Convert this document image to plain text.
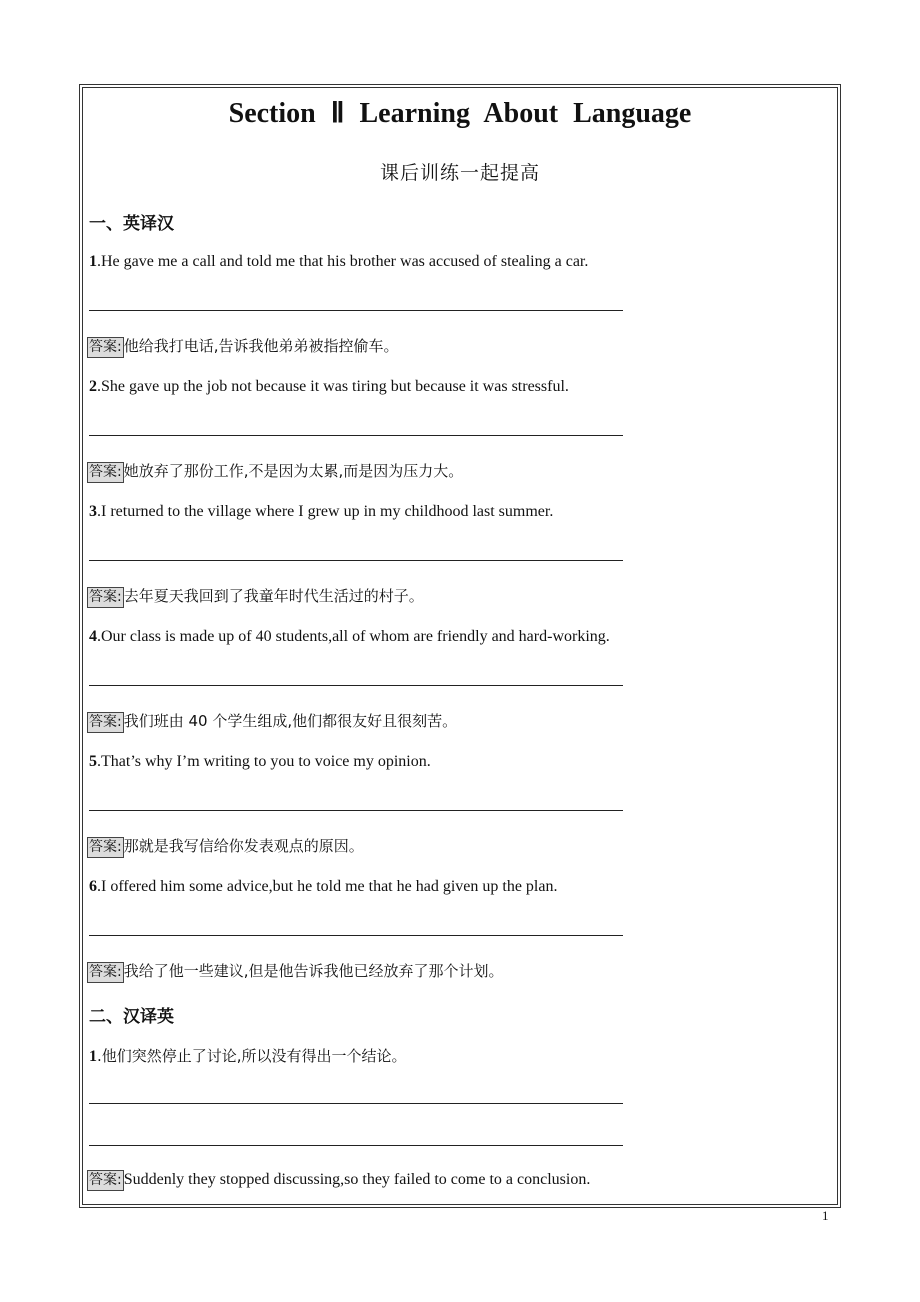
Section Ⅱ Learning About Language
课后训练一起提高
一、英译汉
1.He gave me a call and told me that his brother was accused of stealing a car.
答案: 他给我打电话,告诉我他弟弟被指控偷车。
2.She gave up the job not because it was tiring but because it was stressful.
答案: 她放弃了那份工作,不是因为太累,而是因为压力大。
3.I returned to the village where I grew up in my childhood last summer.
答案: 去年夏天我回到了我童年时代生活过的村子。
4.Our class is made up of 40 students,all of whom are friendly and hard-working.
答案: 我们班由 40 个学生组成,他们都很友好且很刻苦。
5.That’s why I’m writing to you to voice my opinion.
答案: 那就是我写信给你发表观点的原因。
6.I offered him some advice,but he told me that he had given up the plan.
答案: 我给了他一些建议,但是他告诉我他已经放弃了那个计划。
二、汉译英
1.他们突然停止了讨论,所以没有得出一个结论。
答案: Suddenly they stopped discussing,so they failed to come to a conclusion.
1
